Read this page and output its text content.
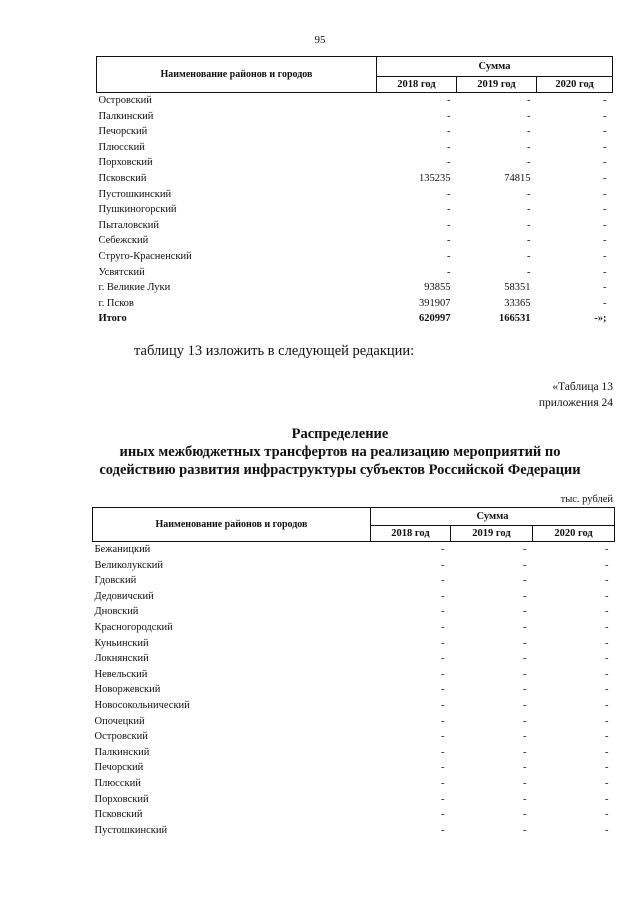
95
Наименование районов и городов	Сумма		
	2018 год	2019 год	2020 год
Островский	-	-	-
Палкинский	-	-	-
Печорский	-	-	-
Плюсский	-	-	-
Порховский	-	-	-
Псковский	135235	74815	-
Пустошкинский	-	-	-
Пушкиногорский	-	-	-
Пыталовский	-	-	-
Себежский	-	-	-
Струго-Красненский	-	-	-
Усвятский	-	-	-
г. Великие Луки	93855	58351	-
г. Псков	391907	33365	-
Итого	620997	166531	-»;
таблицу 13 изложить в следующей редакции:
«Таблица 13
приложения 24
Распределение
иных межбюджетных трансфертов на реализацию мероприятий по
содействию развития инфраструктуры субъектов Российской Федерации
тыс. рублей
Наименование районов и городов	Сумма		
	2018 год	2019 год	2020 год
Бежаницкий	-	-	-
Великолукский	-	-	-
Гдовский	-	-	-
Дедовичский	-	-	-
Дновский	-	-	-
Красногородский	-	-	-
Куньинский	-	-	-
Локнянский	-	-	-
Невельский	-	-	-
Новоржевский	-	-	-
Новосокольнический	-	-	-
Опочецкий	-	-	-
Островский	-	-	-
Палкинский	-	-	-
Печорский	-	-	-
Плюсский	-	-	-
Порховский	-	-	-
Псковский	-	-	-
Пустошкинский	-	-	-
